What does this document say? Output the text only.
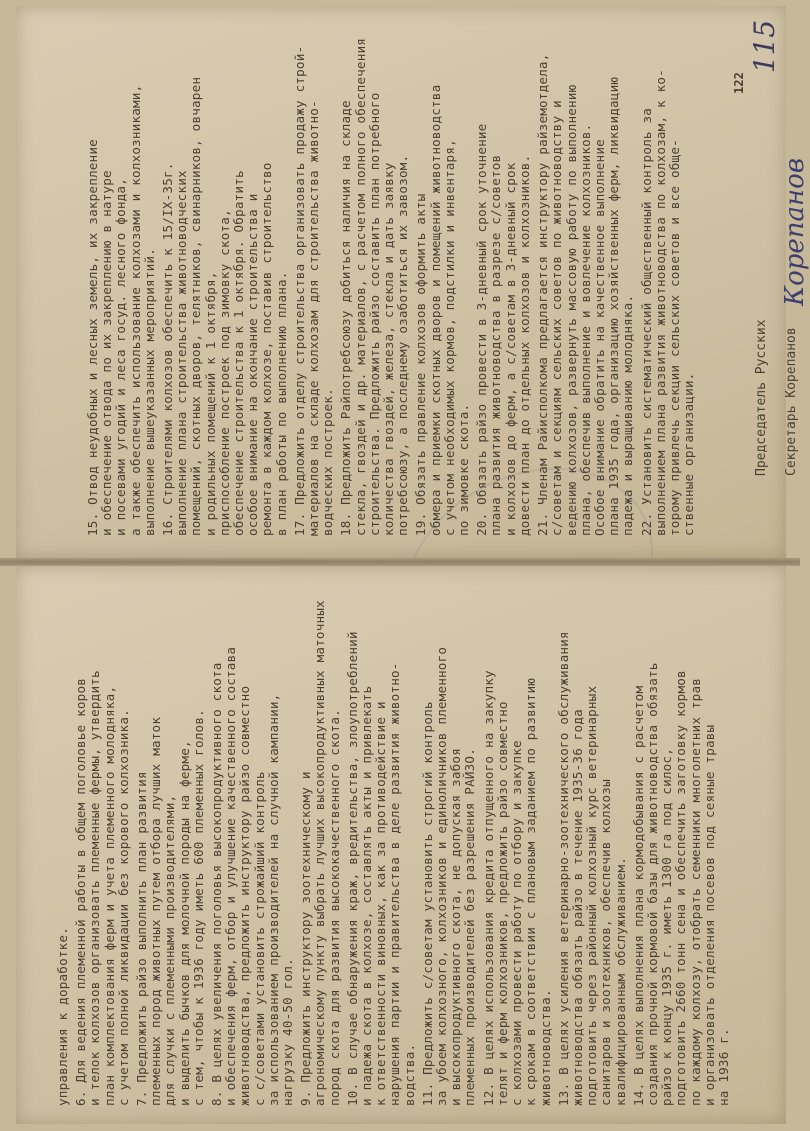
15. Отвод неудобных и лесных земель, их закрепление и обеспечение отвода по их закреплению в натуре и посевами угодий и леса госуд. лесного фонда, а также обеспечить использование колхозами и колхозниками, выполнение вышеуказанных мероприятий. 16. Строителями колхозов обеспечить к 15/IX-35г. выполнение плана строительства животноводческих помещений, скотных дворов, телятников, свинарников, овчарен и родильных помещений к 1 октября, приспособление построек под зимовку скота, обеспечение строительства к 1 октября. Обратить особое внимание на окончание строительства и ремонта в каждом колхозе, поставив строительство в план работы по выполнению плана. 17. Предложить отделу строительства организовать продажу строй- материалов на складе колхозам для строительства животно- водческих построек. 18. Предложить Райпотребсоюзу добиться наличия на складе стекла, гвоздей и др. материалов, с расчетом полного обеспечения строительства. Предложить райзо составить план потребного количества гвоздей, железа, стекла и дать заявку потребсоюзу, а последнему озаботиться их завозом. 19. Обязать правление колхозов оформить акты обмера и приемки скотных дворов и помещений животноводства с учетом необходимых кормов, подстилки и инвентаря, по зимовке скота. 20. Обязать райзо провести в 3-дневный срок уточнение плана развития животноводства в разрезе с/советов и колхозов до ферм, а с/советам в 3-дневный срок довести план до отдельных колхозов и колхозников. 21. Членам Райисполкома предлагается инструктору райземотдела, с/советам и секциям сельских советов по животноводству и ведению колхозов, развернуть массовую работу по выполнению плана, обеспечив выполнение и вовлечение колхозников. Особое внимание обратить на качественное выполнение плана 1935 года, организацию хозяйственных ферм, ликвидацию падежа и выращиванию молодняка. 22. Установить систематический общественный контроль за выполнением плана развития животноводства по колхозам, к ко- торому привлечь секции сельских советов и все обще- ственные организации.	Председатель Русских Секретарь Корепанов
Корепанов
115
122
управления к доработке. 6. Для ведения племенной работы в общем поголовье коров и телок колхозов организовать племенные фермы, утвердить план комплектования ферм и учета племенного молодняка, с учетом полной ликвидации без корового колхозника. 7. Предложить райзо выполнить план развития племенных пород животных путем отбора лучших маток для случки с племенными производителями, и выделить бычков для молочной породы на ферме, с тем, чтобы к 1936 году иметь 600 племенных голов. 8. В целях увеличения поголовья высокопродуктивного скота и обеспечения ферм, отбор и улучшение качественного состава животноводства, предложить инструктору райзо совместно с с/советами установить строжайший контроль за использованием производителей на случной кампании, нагрузку 40-50 гол. 9. Предложить инструктору зоотехническому и агрономическому пункту выбрать лучших высокопродуктивных маточных пород скота для развития высококачественного скота. 10. В случае обнаружения краж, вредительства, злоупотреблений и падежа скота в колхозе, составлять акты и привлекать к ответственности виновных, как за противодействие и нарушения партии и правительства в деле развития животно- водства. 11. Предложить с/советам установить строгий контроль за убоем колхозного, колхозников и единоличников племенного и высокопродуктивного скота, не допуская забоя племенных производителей без разрешения РАЙЗО. 12. В целях использования кредита отпущенного на закупку телят и ферм колхозников, предложить райзо совместно с колхозами провести работу по отбору и закупке к срокам в соответствии с плановым заданием по развитию животноводства. 13. В целях усиления ветеринарно-зоотехнического обслуживания животноводства обязать райзо в течение 1935-36 года подготовить через районный колхозный курс ветеринарных санитаров и зоотехников, обеспечив колхозы квалифицированным обслуживанием. 14. В целях выполнения плана кормодобывания с расчетом создания прочной кормовой базы для животноводства обязать райзо к концу 1935 г. иметь 1300 га под силос, подготовить 2660 тонн сена и обеспечить заготовку кормов по каждому колхозу, отобрать семенники многолетних трав и организовать отделения посевов под сеяные травы на 1936 г.
